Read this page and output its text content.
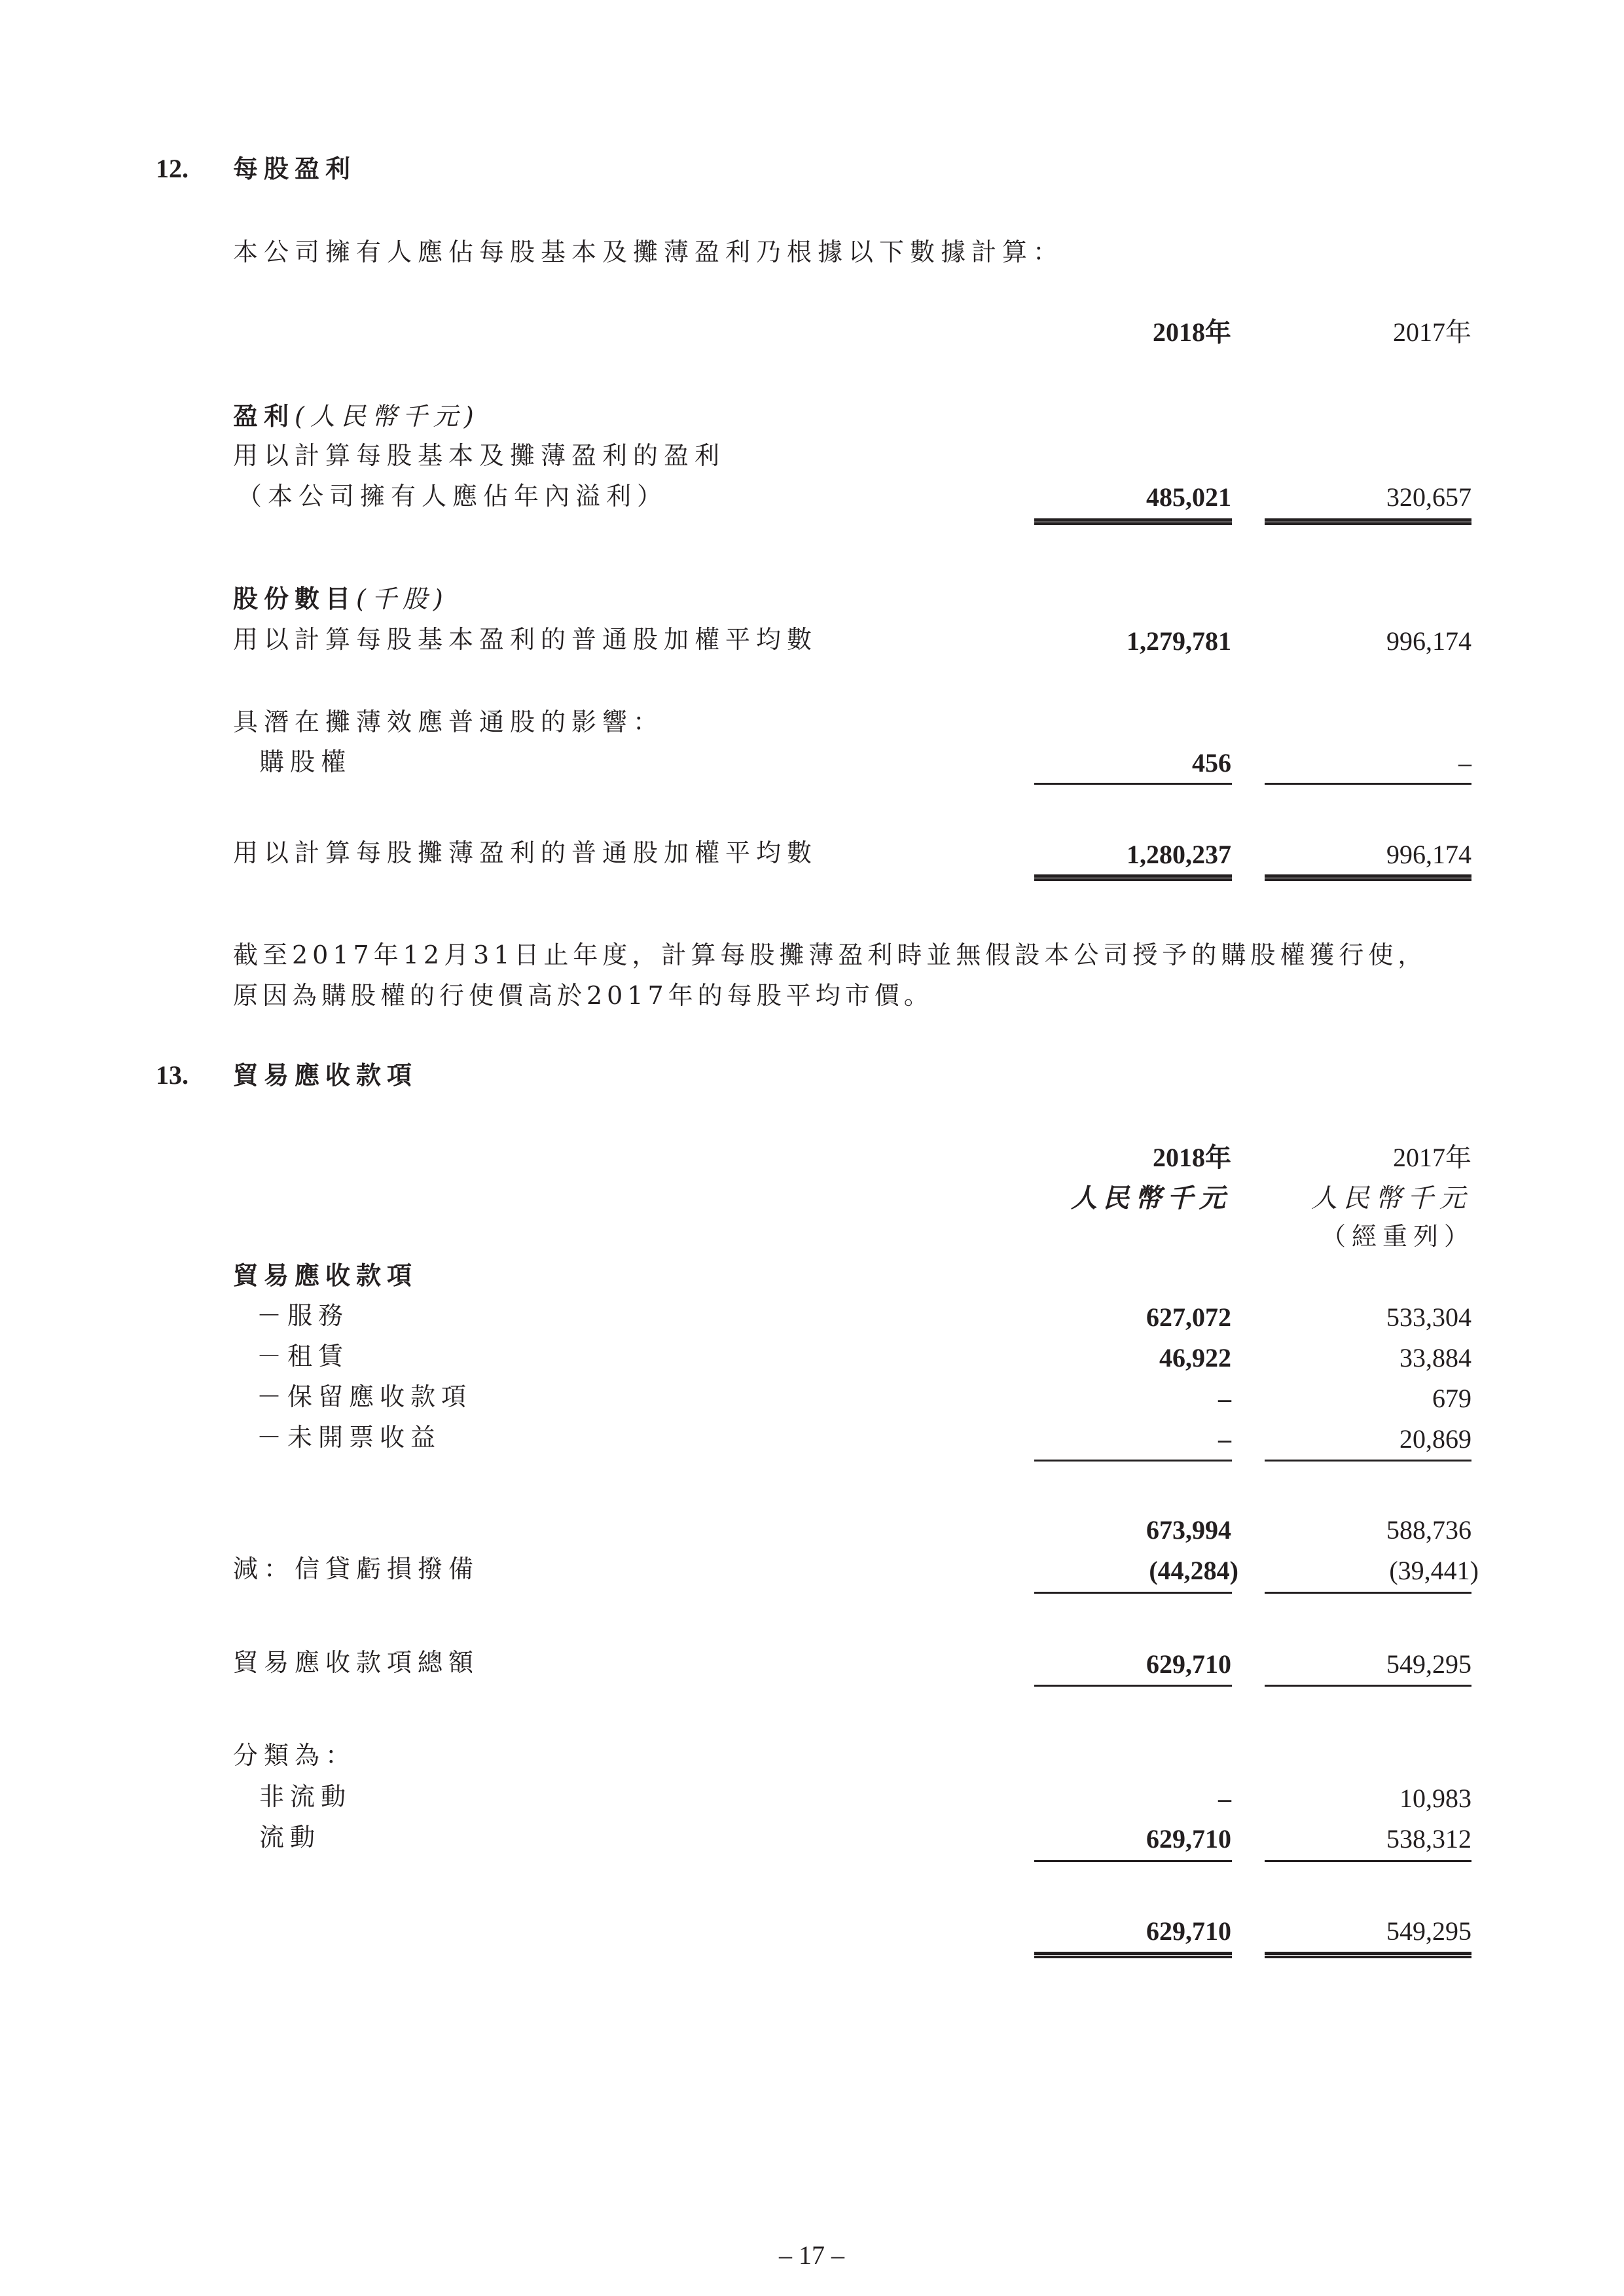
12. 每股盈利
本公司擁有人應佔每股基本及攤薄盈利乃根據以下數據計算：
2018年	2017年
盈利(人民幣千元)
用以計算每股基本及攤薄盈利的盈利
（本公司擁有人應佔年內溢利）	485,021	320,657
股份數目(千股)
用以計算每股基本盈利的普通股加權平均數	1,279,781	996,174
具潛在攤薄效應普通股的影響：
購股權	456	–
用以計算每股攤薄盈利的普通股加權平均數	1,280,237	996,174
截至2017年12月31日止年度，計算每股攤薄盈利時並無假設本公司授予的購股權獲行使，
原因為購股權的行使價高於2017年的每股平均市價。
13. 貿易應收款項
2018年	2017年
人民幣千元	人民幣千元
（經重列）
貿易應收款項
－服務	627,072	533,304
－租賃	46,922	33,884
－保留應收款項	–	679
－未開票收益	–	20,869
673,994	588,736
減：信貸虧損撥備	(44,284)	(39,441)
貿易應收款項總額	629,710	549,295
分類為：
非流動	–	10,983
流動	629,710	538,312
629,710	549,295
– 17 –
